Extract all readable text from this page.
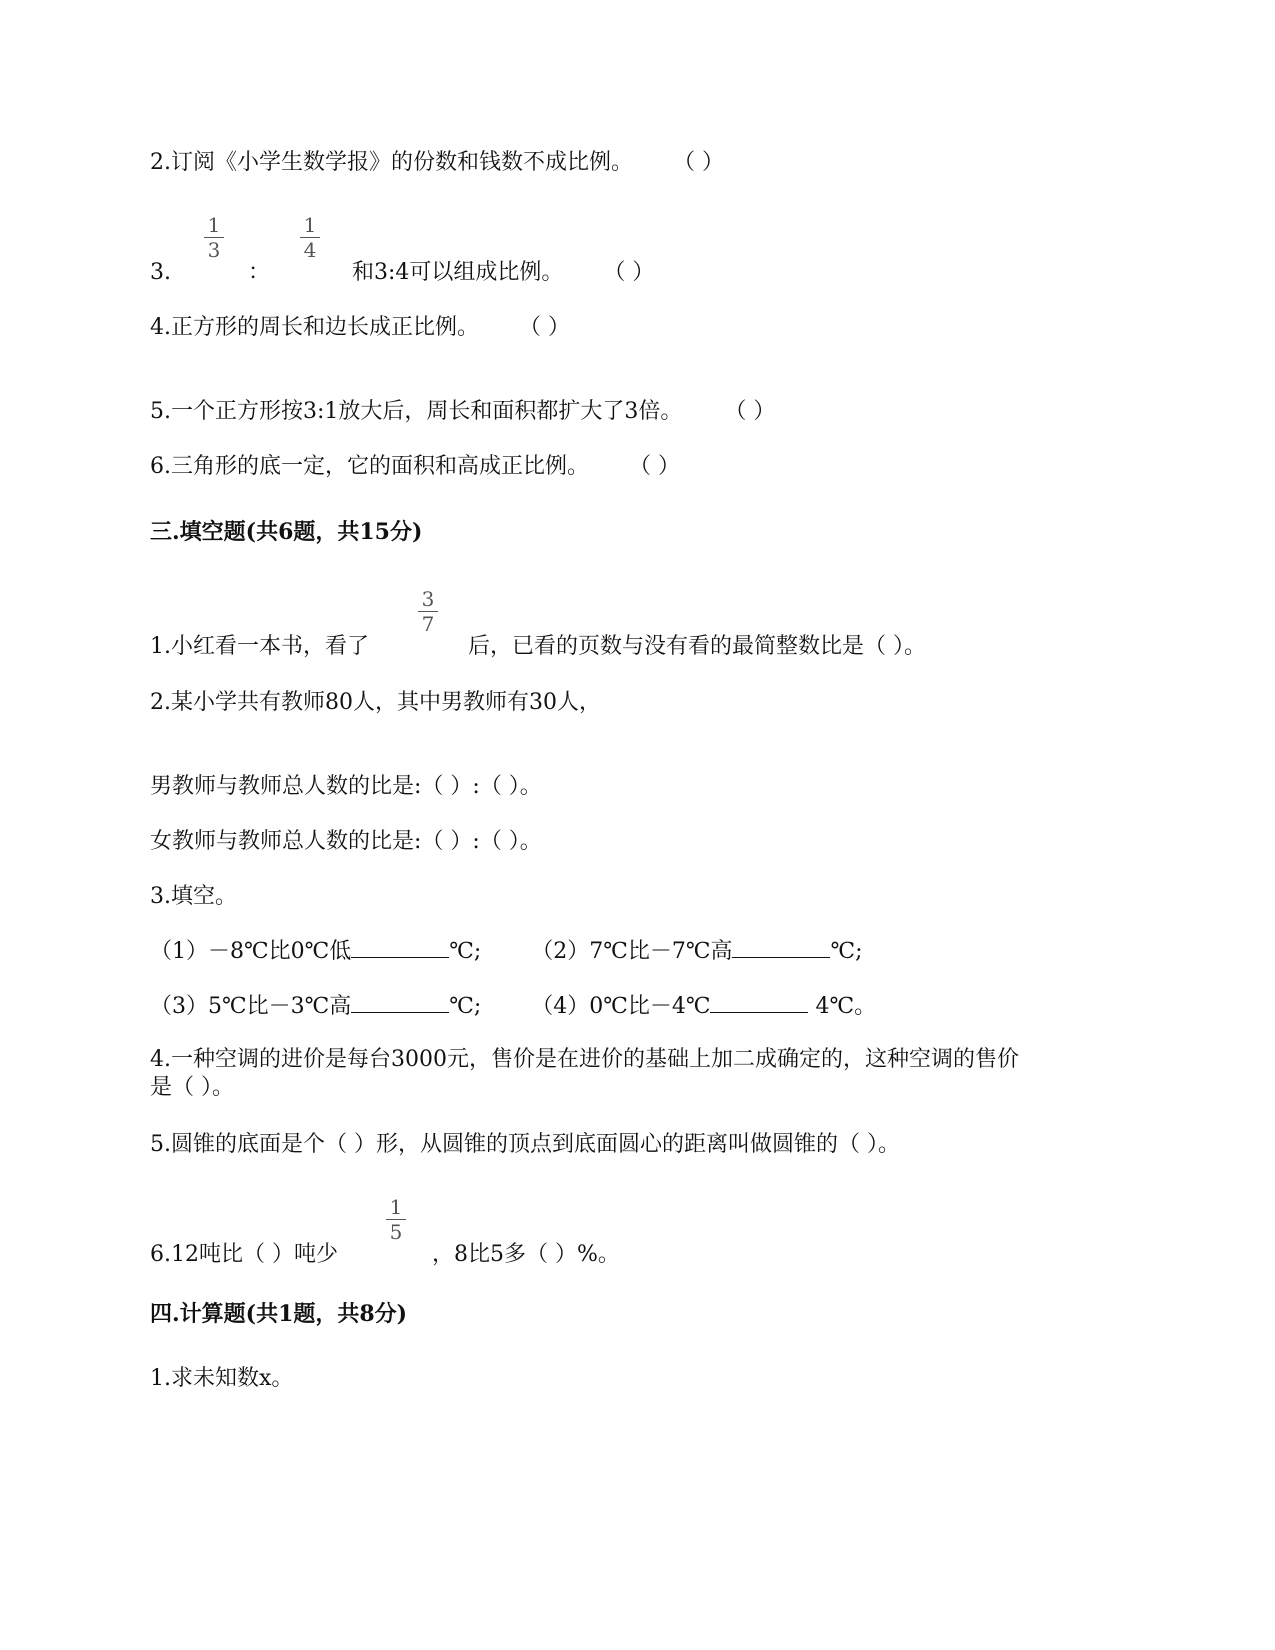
2.订阅《小学生数学报》的份数和钱数不成比例。 （ ）
3.
1
3
：
1
4
和3:4可以组成比例。 （ ）
4.正方形的周长和边长成正比例。 （ ）
5.一个正方形按3:1放大后，周长和面积都扩大了3倍。 （ ）
6.三角形的底一定，它的面积和高成正比例。 （ ）
三.填空题(共6题，共15分)
1.小红看一本书，看了
3
7
后，已看的页数与没有看的最简整数比是（ ）。
2.某小学共有教师80人，其中男教师有30人，
男教师与教师总人数的比是:（ ）:（ ）。
女教师与教师总人数的比是:（ ）:（ ）。
3.填空。
（1）－8℃比0℃低	℃; （2）7℃比－7℃高	℃;
（3）5℃比－3℃高	℃; （4）0℃比－4℃	4℃。
4.一种空调的进价是每台3000元，售价是在进价的基础上加二成确定的，这种空调的售价
是（ ）。
5.圆锥的底面是个（ ）形，从圆锥的顶点到底面圆心的距离叫做圆锥的（ ）。
6.12吨比（ ）吨少
1
5
，8比5多（ ）%。
四.计算题(共1题，共8分)
1.求未知数x。
